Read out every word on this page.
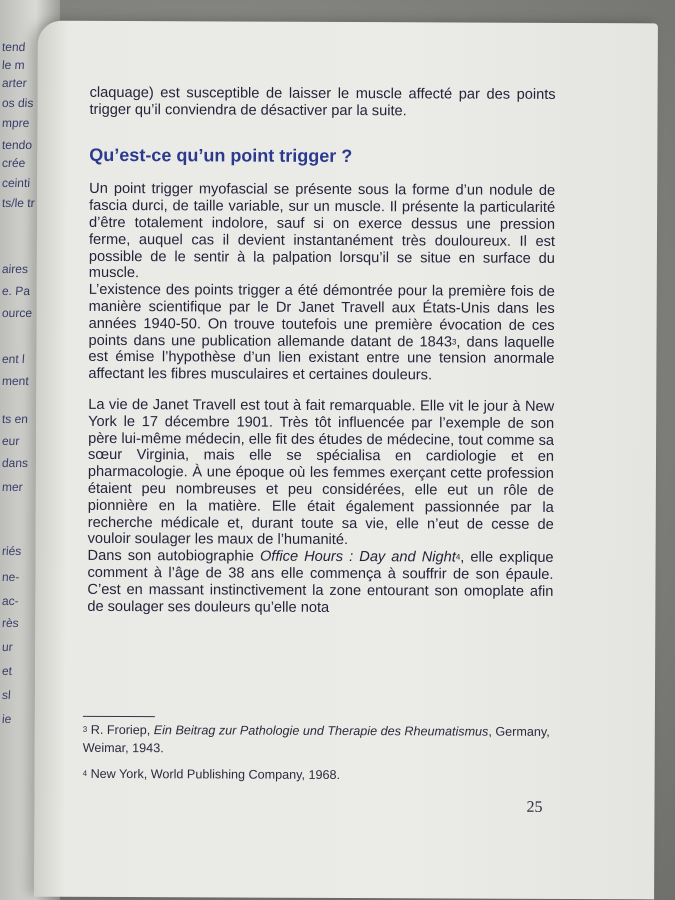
tend
le m
arter
os dis
mpre
tendo
crée
ceinti
ts/le tr
aires
e. Pa
ource
ent l
ment
ts en
eur
dans
mer
riés
ne-
ac-
rès
ur
et
sl
ie

claquage) est susceptible de laisser le muscle affecté par des points trigger qu’il conviendra de désactiver par la suite.

Qu’est-ce qu’un point trigger ?

Un point trigger myofascial se présente sous la forme d’un nodule de fascia durci, de taille variable, sur un muscle. Il présente la particularité d’être totalement indolore, sauf si on exerce dessus une pression ferme, auquel cas il devient instantanément très douloureux. Il est possible de le sentir à la palpation lorsqu’il se situe en surface du muscle.

L’existence des points trigger a été démontrée pour la première fois de manière scientifique par le Dr Janet Travell aux États-Unis dans les années 1940-50. On trouve toutefois une première évocation de ces points dans une publication allemande datant de 1843$^3$, dans laquelle est émise l’hypothèse d’un lien existant entre une tension anormale affectant les fibres musculaires et certaines douleurs.

La vie de Janet Travell est tout à fait remarquable. Elle vit le jour à New York le 17 décembre 1901. Très tôt influencée par l’exemple de son père lui-même médecin, elle fit des études de médecine, tout comme sa sœur Virginia, mais elle se spécialisa en cardiologie et en pharmacologie. À une époque où les femmes exerçant cette profession étaient peu nombreuses et peu considérées, elle eut un rôle de pionnière en la matière. Elle était également passionnée par la recherche médicale et, durant toute sa vie, elle n’eut de cesse de vouloir soulager les maux de l’humanité.

Dans son autobiographie Office Hours : Day and Night$^4$, elle explique comment à l’âge de 38 ans elle commença à souffrir de son épaule. C’est en massant instinctivement la zone entourant son omoplate afin de soulager ses douleurs qu’elle nota

$^3$ R. Froriep, Ein Beitrag zur Pathologie und Therapie des Rheumatismus, Germany, Weimar, 1943.

$^4$ New York, World Publishing Company, 1968.

25
